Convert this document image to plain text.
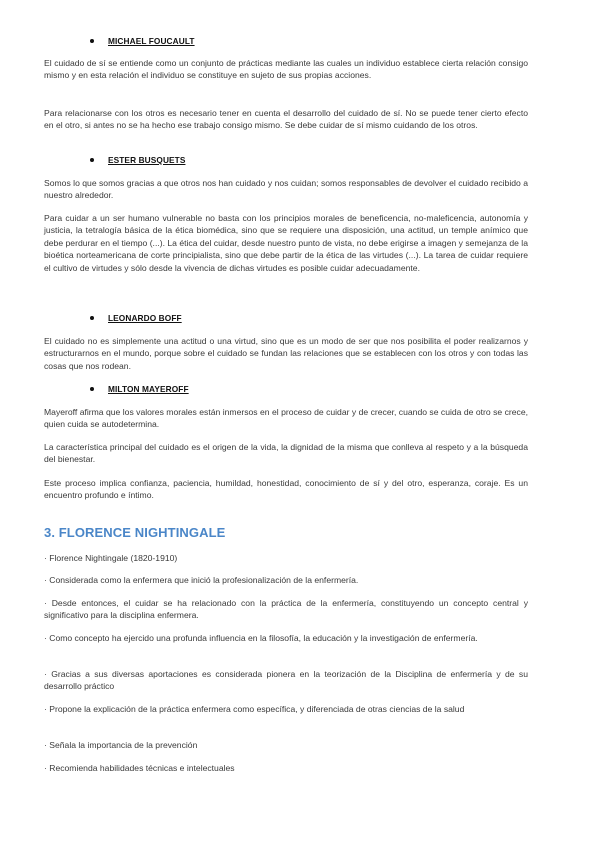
MICHAEL FOUCAULT

El cuidado de sí se entiende como un conjunto de prácticas mediante las cuales un individuo establece cierta relación consigo mismo y en esta relación el individuo se constituye en sujeto de sus propias acciones.

Para relacionarse con los otros es necesario tener en cuenta el desarrollo del cuidado de sí. No se puede tener cierto efecto en el otro, si antes no se ha hecho ese trabajo consigo mismo. Se debe cuidar de sí mismo cuidando de los otros.

ESTER BUSQUETS

Somos lo que somos gracias a que otros nos han cuidado y nos cuidan; somos responsables de devolver el cuidado recibido a nuestro alrededor.

Para cuidar a un ser humano vulnerable no basta con los principios morales de beneficencia, no-maleficencia, autonomía y justicia, la tetralogía básica de la ética biomédica, sino que se requiere una disposición, una actitud, un temple anímico que debe perdurar en el tiempo (...). La ética del cuidar, desde nuestro punto de vista, no debe erigirse a imagen y semejanza de la bioética norteamericana de corte principialista, sino que debe partir de la ética de las virtudes (...). La tarea de cuidar requiere el cultivo de virtudes y sólo desde la vivencia de dichas virtudes es posible cuidar adecuadamente.

LEONARDO BOFF

El cuidado no es simplemente una actitud o una virtud, sino que es un modo de ser que nos posibilita el poder realizarnos y estructurarnos en el mundo, porque sobre el cuidado se fundan las relaciones que se establecen con los otros y con todas las cosas que nos rodean.

MILTON MAYEROFF

Mayeroff afirma que los valores morales están inmersos en el proceso de cuidar y de crecer, cuando se cuida de otro se crece, quien cuida se autodetermina.

La característica principal del cuidado es el origen de la vida, la dignidad de la misma que conlleva al respeto y a la búsqueda del bienestar.

Este proceso implica confianza, paciencia, humildad, honestidad, conocimiento de sí y del otro, esperanza, coraje. Es un encuentro profundo e íntimo.

3. FLORENCE NIGHTINGALE

· Florence Nightingale (1820-1910)

· Considerada como la enfermera que inició la profesionalización de la enfermería.

· Desde entonces, el cuidar se ha relacionado con la práctica de la enfermería, constituyendo un concepto central y significativo para la disciplina enfermera.

· Como concepto ha ejercido una profunda influencia en la filosofía, la educación y la investigación de enfermería.

· Gracias a sus diversas aportaciones es considerada pionera en la teorización de la Disciplina de enfermería y de su desarrollo práctico

· Propone la explicación de la práctica enfermera como específica, y diferenciada de otras ciencias de la salud

· Señala la importancia de la prevención

· Recomienda habilidades técnicas e intelectuales
